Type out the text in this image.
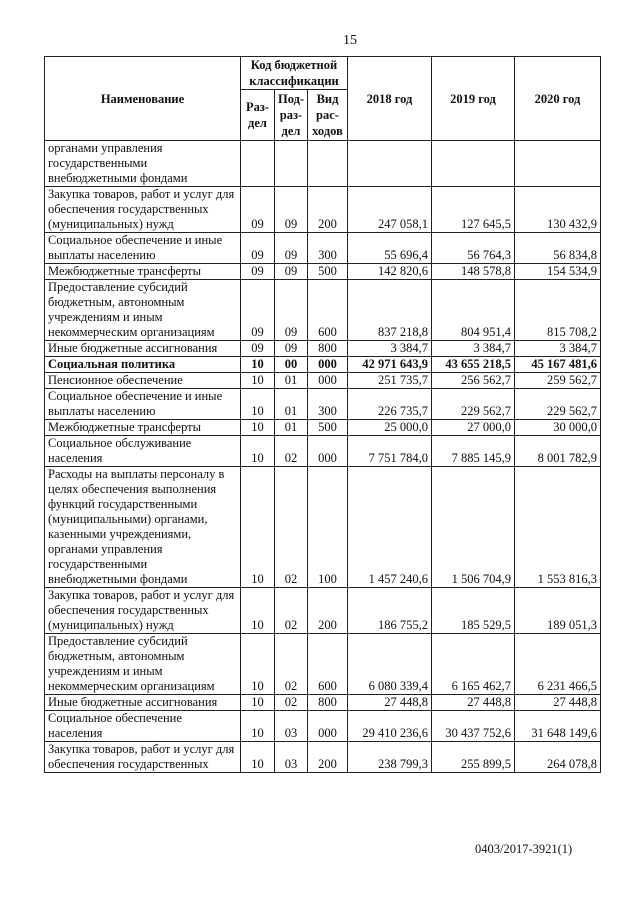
15
Наименование	Код бюджетной классификации			2018 год	2019 год	2020 год
	Раз-дел	Под-раз-дел	Вид рас-ходов			
органами управления государственными внебюджетными фондами						
Закупка товаров, работ и услуг для обеспечения государственных (муниципальных) нужд	09	09	200	247 058,1	127 645,5	130 432,9
Социальное обеспечение и иные выплаты населению	09	09	300	55 696,4	56 764,3	56 834,8
Межбюджетные трансферты	09	09	500	142 820,6	148 578,8	154 534,9
Предоставление субсидий бюджетным, автономным учреждениям и иным некоммерческим организациям	09	09	600	837 218,8	804 951,4	815 708,2
Иные бюджетные ассигнования	09	09	800	3 384,7	3 384,7	3 384,7
Социальная политика	10	00	000	42 971 643,9	43 655 218,5	45 167 481,6
Пенсионное обеспечение	10	01	000	251 735,7	256 562,7	259 562,7
Социальное обеспечение и иные выплаты населению	10	01	300	226 735,7	229 562,7	229 562,7
Межбюджетные трансферты	10	01	500	25 000,0	27 000,0	30 000,0
Социальное обслуживание населения	10	02	000	7 751 784,0	7 885 145,9	8 001 782,9
Расходы на выплаты персоналу в целях обеспечения выполнения функций государственными (муниципальными) органами, казенными учреждениями, органами управления государственными внебюджетными фондами	10	02	100	1 457 240,6	1 506 704,9	1 553 816,3
Закупка товаров, работ и услуг для обеспечения государственных (муниципальных) нужд	10	02	200	186 755,2	185 529,5	189 051,3
Предоставление субсидий бюджетным, автономным учреждениям и иным некоммерческим организациям	10	02	600	6 080 339,4	6 165 462,7	6 231 466,5
Иные бюджетные ассигнования	10	02	800	27 448,8	27 448,8	27 448,8
Социальное обеспечение населения	10	03	000	29 410 236,6	30 437 752,6	31 648 149,6
Закупка товаров, работ и услуг для обеспечения государственных	10	03	200	238 799,3	255 899,5	264 078,8
0403/2017-3921(1)
